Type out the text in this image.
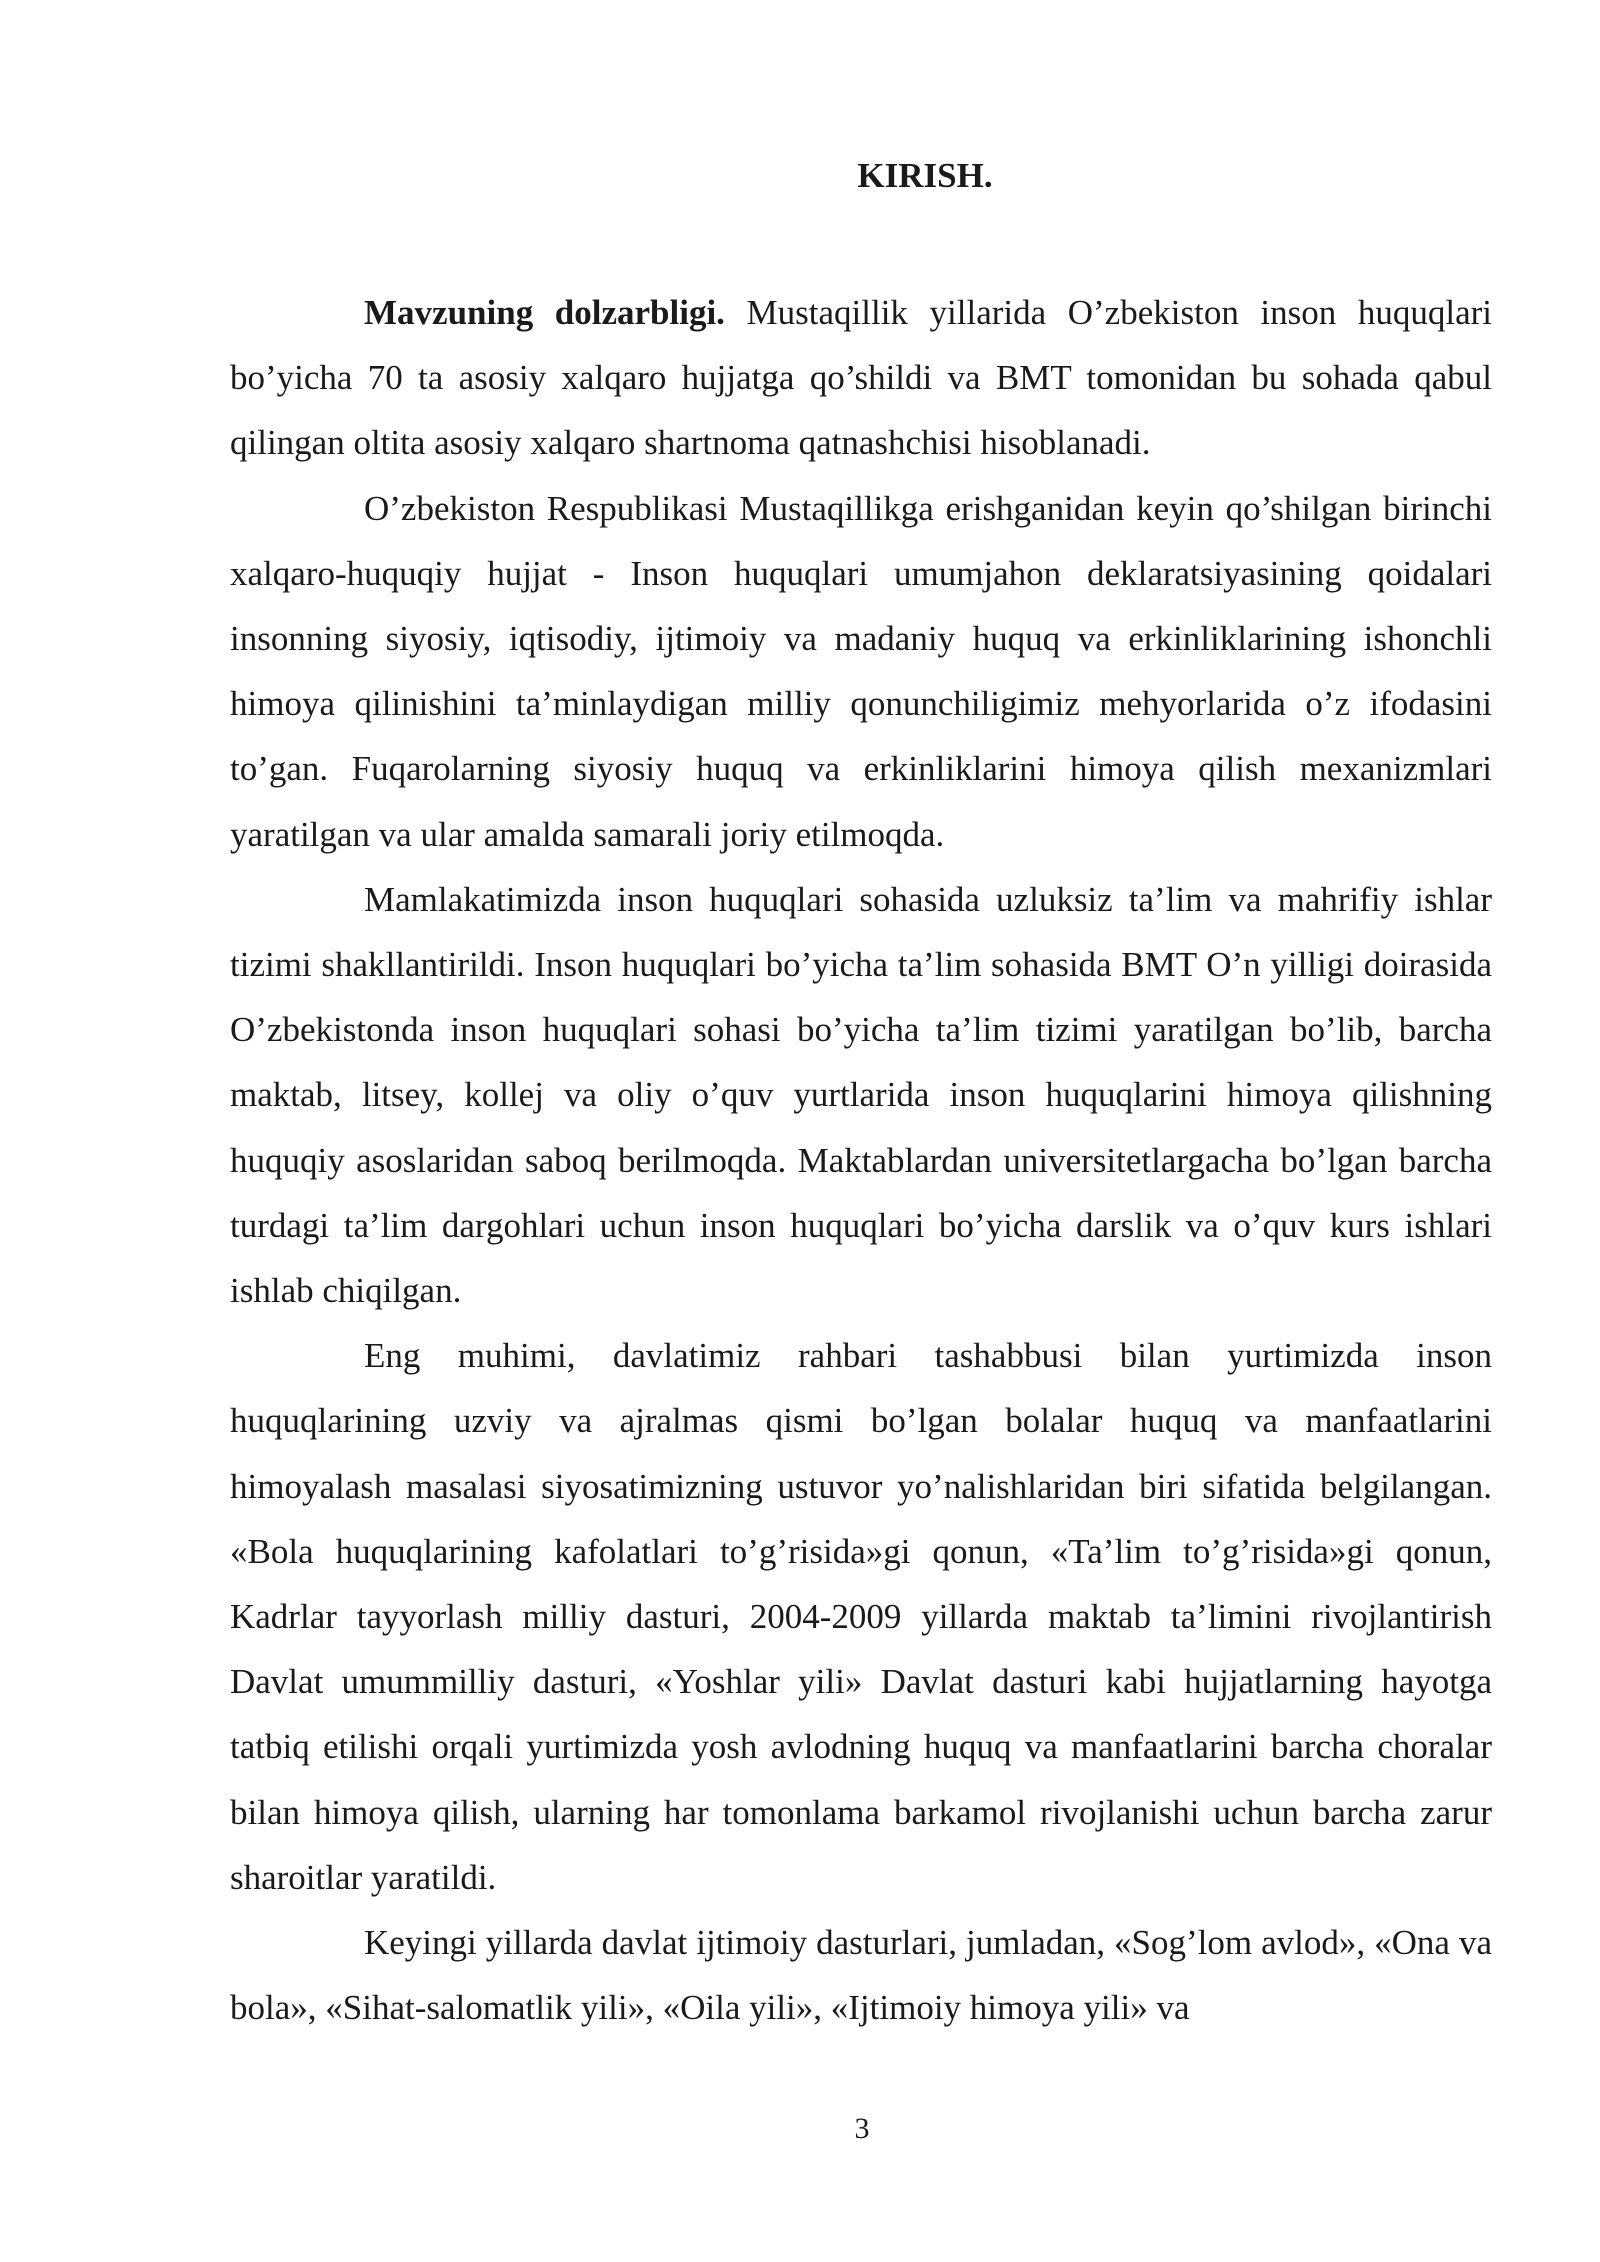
KIRISH.

Mavzuning dolzarbligi. Mustaqillik yillarida O’zbekiston inson huquqlari bo’yicha 70 ta asosiy xalqaro hujjatga qo’shildi va BMT tomonidan bu sohada qabul qilingan oltita asosiy xalqaro shartnoma qatnashchisi hisoblanadi.

O’zbekiston Respublikasi Mustaqillikga erishganidan keyin qo’shilgan birinchi xalqaro-huquqiy hujjat - Inson huquqlari umumjahon deklaratsiyasining qoidalari insonning siyosiy, iqtisodiy, ijtimoiy va madaniy huquq va erkinliklarining ishonchli himoya qilinishini ta’minlaydigan milliy qonunchiligimiz mehyorlarida o’z ifodasini to’gan. Fuqarolarning siyosiy huquq va erkinliklarini himoya qilish mexanizmlari yaratilgan va ular amalda samarali joriy etilmoqda.

Mamlakatimizda inson huquqlari sohasida uzluksiz ta’lim va mahrifiy ishlar tizimi shakllantirildi. Inson huquqlari bo’yicha ta’lim sohasida BMT O’n yilligi doirasida O’zbekistonda inson huquqlari sohasi bo’yicha ta’lim tizimi yaratilgan bo’lib, barcha maktab, litsey, kollej va oliy o’quv yurtlarida inson huquqlarini himoya qilishning huquqiy asoslaridan saboq berilmoqda. Maktablardan universitetlargacha bo’lgan barcha turdagi ta’lim dargohlari uchun inson huquqlari bo’yicha darslik va o’quv kurs ishlari ishlab chiqilgan.

Eng muhimi, davlatimiz rahbari tashabbusi bilan yurtimizda inson huquqlarining uzviy va ajralmas qismi bo’lgan bolalar huquq va manfaatlarini himoyalash masalasi siyosatimizning ustuvor yo’nalishlaridan biri sifatida belgilangan. «Bola huquqlarining kafolatlari to’g’risida»gi qonun, «Ta’lim to’g’risida»gi qonun, Kadrlar tayyorlash milliy dasturi, 2004-2009 yillarda maktab ta’limini rivojlantirish Davlat umummilliy dasturi, «Yoshlar yili» Davlat dasturi kabi hujjatlarning hayotga tatbiq etilishi orqali yurtimizda yosh avlodning huquq va manfaatlarini barcha choralar bilan himoya qilish, ularning har tomonlama barkamol rivojlanishi uchun barcha zarur sharoitlar yaratildi.

Keyingi yillarda davlat ijtimoiy dasturlari, jumladan, «Sog’lom avlod», «Ona va bola», «Sihat-salomatlik yili», «Oila yili», «Ijtimoiy himoya yili» va

3
